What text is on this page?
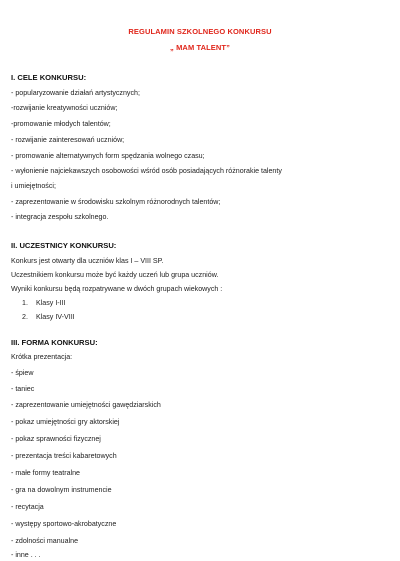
REGULAMIN SZKOLNEGO KONKURSU
„ MAM TALENT”
I. CELE KONKURSU:
- popularyzowanie działań artystycznych;
-rozwijanie kreatywności uczniów;
-promowanie młodych talentów;
- rozwijanie zainteresowań uczniów;
- promowanie alternatywnych form spędzania wolnego czasu;
- wyłonienie najciekawszych osobowości wśród osób posiadających różnorakie talenty
i umiejętności;
- zaprezentowanie w środowisku szkolnym różnorodnych talentów;
- integracja zespołu szkolnego.
II. UCZESTNICY KONKURSU:
Konkurs jest otwarty dla uczniów klas I – VIII SP.
Uczestnikiem konkursu może być każdy uczeń lub grupa uczniów.
Wyniki konkursu będą rozpatrywane w dwóch grupach wiekowych :
1. Klasy I-III
2. Klasy IV-VIII
III. FORMA KONKURSU:
Krótka prezentacja:
- śpiew
- taniec
- zaprezentowanie umiejętności gawędziarskich
- pokaz umiejętności gry aktorskiej
- pokaz sprawności fizycznej
- prezentacja treści kabaretowych
- małe formy teatralne
- gra na dowolnym instrumencie
- recytacja
- występy sportowo-akrobatyczne
- zdolności manualne
- inne . . .
